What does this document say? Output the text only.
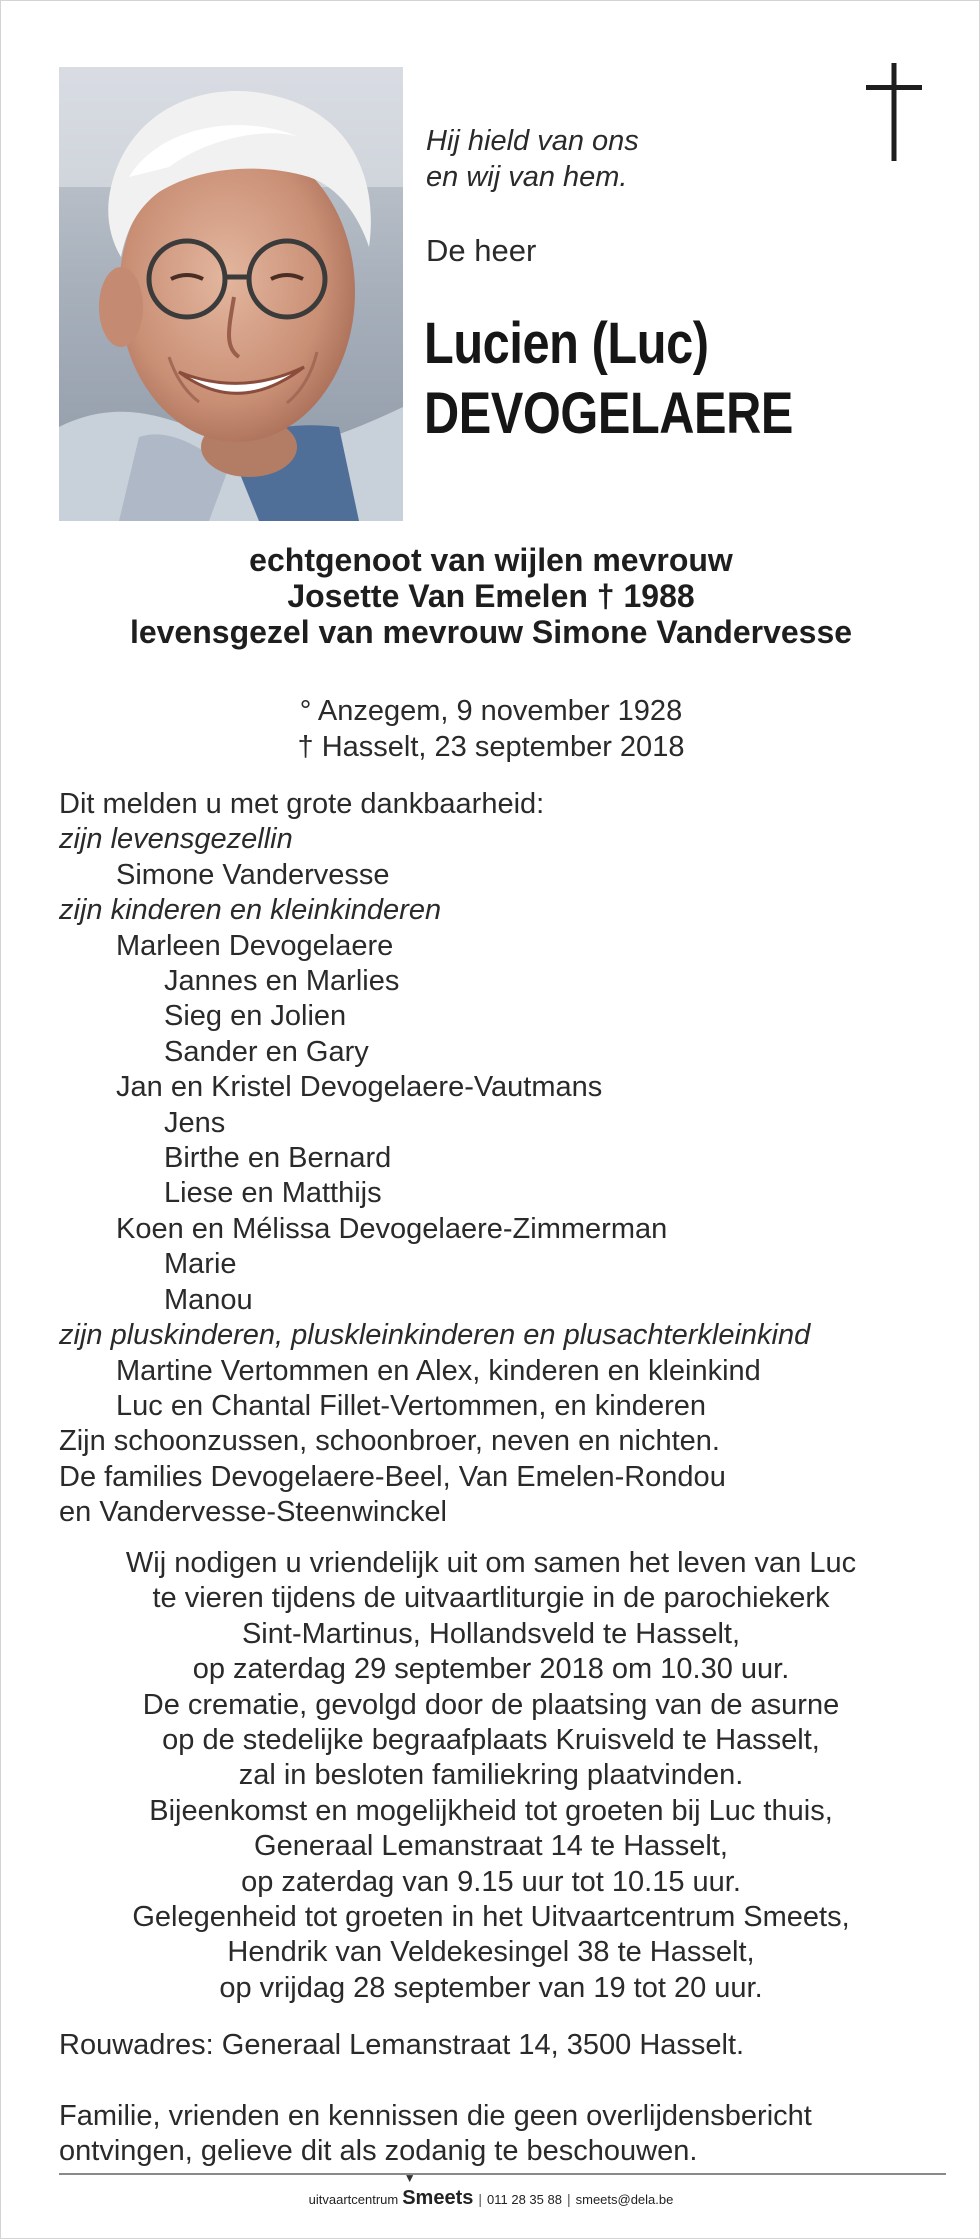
Hij hield van ons
en wij van hem.
De heer
Lucien (Luc)
DEVOGELAERE
echtgenoot van wijlen mevrouw
Josette Van Emelen † 1988
levensgezel van mevrouw Simone Vandervesse
° Anzegem, 9 november 1928
† Hasselt, 23 september 2018
Dit melden u met grote dankbaarheid:
zijn levensgezellin
Simone Vandervesse
zijn kinderen en kleinkinderen
Marleen Devogelaere
Jannes en Marlies
Sieg en Jolien
Sander en Gary
Jan en Kristel Devogelaere-Vautmans
Jens
Birthe en Bernard
Liese en Matthijs
Koen en Mélissa Devogelaere-Zimmerman
Marie
Manou
zijn pluskinderen, pluskleinkinderen en plusachterkleinkind
Martine Vertommen en Alex, kinderen en kleinkind
Luc en Chantal Fillet-Vertommen, en kinderen
Zijn schoonzussen, schoonbroer, neven en nichten.
De families Devogelaere-Beel, Van Emelen-Rondou
en Vandervesse-Steenwinckel
Wij nodigen u vriendelijk uit om samen het leven van Luc
te vieren tijdens de uitvaartliturgie in de parochiekerk
Sint-Martinus, Hollandsveld te Hasselt,
op zaterdag 29 september 2018 om 10.30 uur.
De crematie, gevolgd door de plaatsing van de asurne
op de stedelijke begraafplaats Kruisveld te Hasselt,
zal in besloten familiekring plaatvinden.
Bijeenkomst en mogelijkheid tot groeten bij Luc thuis,
Generaal Lemanstraat 14 te Hasselt,
op zaterdag van 9.15 uur tot 10.15 uur.
Gelegenheid tot groeten in het Uitvaartcentrum Smeets,
Hendrik van Veldekesingel 38 te Hasselt,
op vrijdag 28 september van 19 tot 20 uur.
Rouwadres: Generaal Lemanstraat 14, 3500 Hasselt.
Familie, vrienden en kennissen die geen overlijdensbericht
ontvingen, gelieve dit als zodanig te beschouwen.
uitvaartcentrum
▼
Smeets | 011 28 35 88 | smeets@dela.be
